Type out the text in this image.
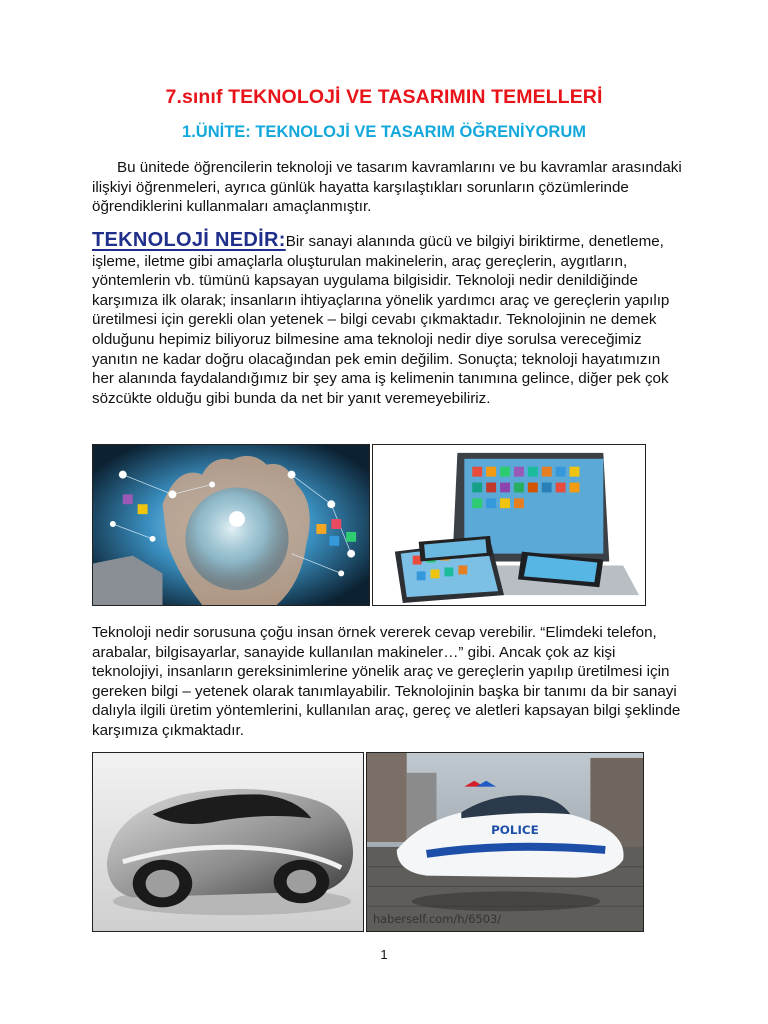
7.sınıf TEKNOLOJİ VE TASARIMIN TEMELLERİ
1.ÜNİTE: TEKNOLOJİ VE TASARIM ÖĞRENİYORUM

Bu ünitede öğrencilerin teknoloji ve tasarım kavramlarını ve bu kavramlar arasındaki ilişkiyi öğrenmeleri, ayrıca günlük hayatta karşılaştıkları sorunların çözümlerinde öğrendiklerini kullanmaları amaçlanmıştır.

TEKNOLOJİ NEDİR:Bir sanayi alanında gücü ve bilgiyi biriktirme, denetleme, işleme, iletme gibi amaçlarla oluşturulan makinelerin, araç gereçlerin, aygıtların, yöntemlerin vb. tümünü kapsayan uygulama bilgisidir. Teknoloji nedir denildiğinde karşımıza ilk olarak; insanların ihtiyaçlarına yönelik yardımcı araç ve gereçlerin yapılıp üretilmesi için gerekli olan yetenek – bilgi cevabı çıkmaktadır. Teknolojinin ne demek olduğunu hepimiz biliyoruz bilmesine ama teknoloji nedir diye sorulsa vereceğimiz yanıtın ne kadar doğru olacağından pek emin değilim. Sonuçta; teknoloji hayatımızın her alanında faydalandığımız bir şey ama iş kelimenin tanımına gelince, diğer pek çok sözcükte olduğu gibi bunda da net bir yanıt veremeyebiliriz.

Teknoloji nedir sorusuna çoğu insan örnek vererek cevap verebilir. “Elimdeki telefon, arabalar, bilgisayarlar, sanayide kullanılan makineler…” gibi. Ancak çok az kişi teknolojiyi, insanların gereksinimlerine yönelik araç ve gereçlerin yapılıp üretilmesi için gereken bilgi – yetenek olarak tanımlayabilir. Teknolojinin başka bir tanımı da bir sanayi dalıyla ilgili üretim yöntemlerini, kullanılan araç, gereç ve aletleri kapsayan bilgi şeklinde karşımıza çıkmaktadır.

POLICE
haberself.com/h/6503/
1
